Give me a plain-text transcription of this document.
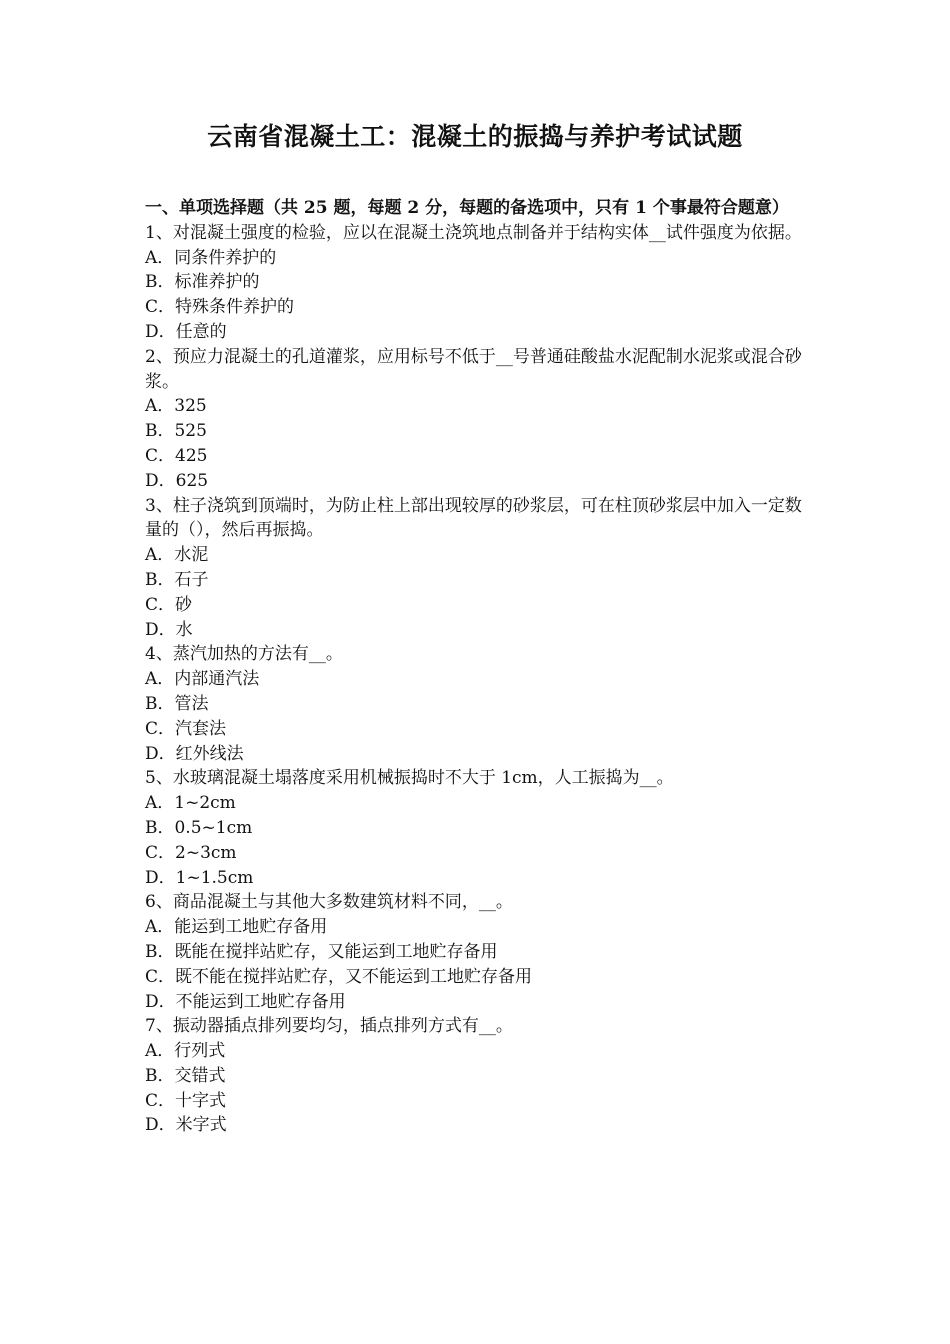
云南省混凝土工：混凝土的振捣与养护考试试题
一、单项选择题（共 25 题，每题 2 分，每题的备选项中，只有 1 个事最符合题意）

1、对混凝土强度的检验，应以在混凝土浇筑地点制备并于结构实体__试件强度为依据。

A．同条件养护的

B．标准养护的

C．特殊条件养护的

D．任意的

2、预应力混凝土的孔道灌浆，应用标号不低于__号普通硅酸盐水泥配制水泥浆或混合砂浆。

A．325

B．525

C．425

D．625

3、柱子浇筑到顶端时，为防止柱上部出现较厚的砂浆层，可在柱顶砂浆层中加入一定数量的（），然后再振捣。

A．水泥

B．石子

C．砂

D．水

4、蒸汽加热的方法有__。

A．内部通汽法

B．管法

C．汽套法

D．红外线法

5、水玻璃混凝土塌落度采用机械振捣时不大于 1cm，人工振捣为__。

A．1~2cm

B．0.5~1cm

C．2~3cm

D．1~1.5cm

6、商品混凝土与其他大多数建筑材料不同，__。

A．能运到工地贮存备用

B．既能在搅拌站贮存，又能运到工地贮存备用

C．既不能在搅拌站贮存，又不能运到工地贮存备用

D．不能运到工地贮存备用

7、振动器插点排列要均匀，插点排列方式有__。

A．行列式

B．交错式

C．十字式

D．米字式
